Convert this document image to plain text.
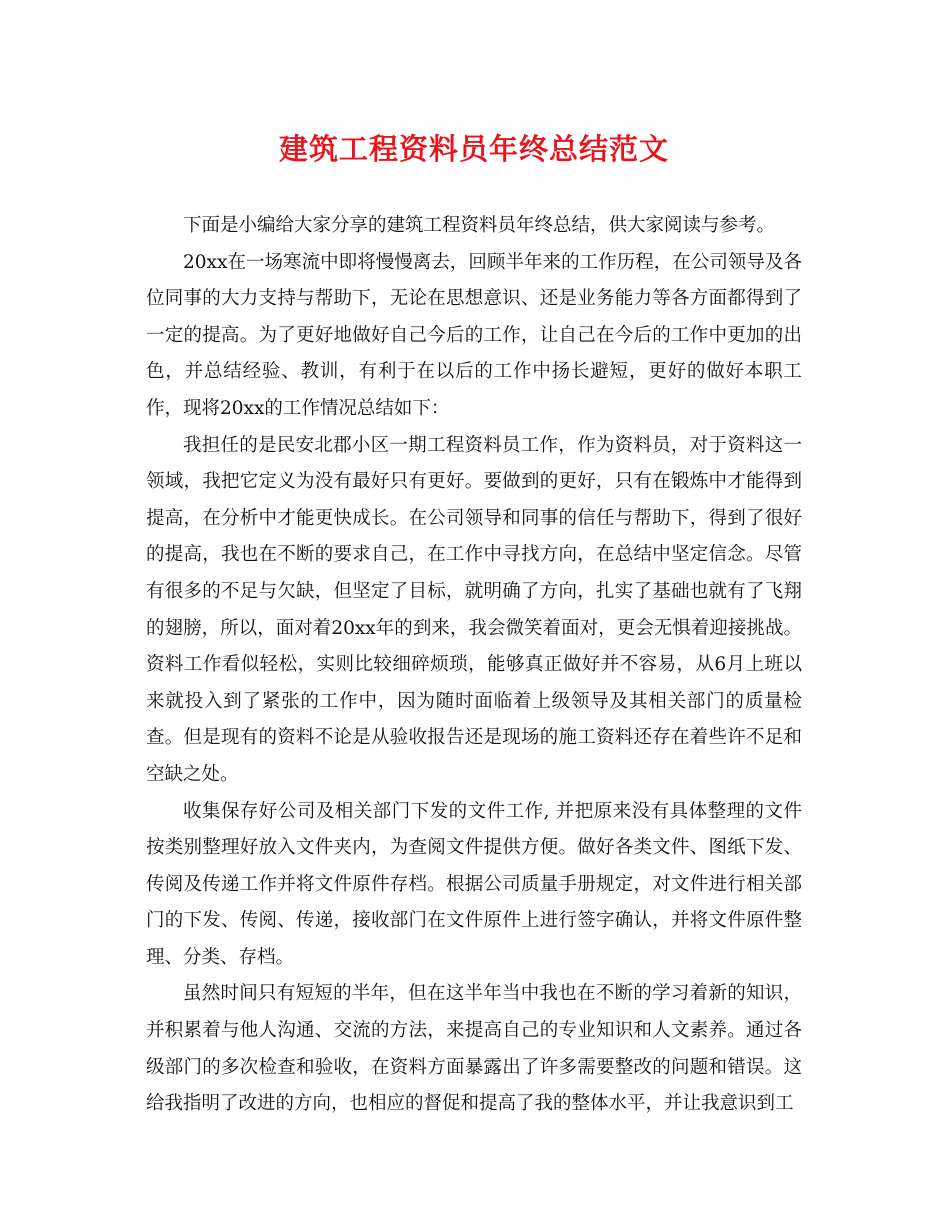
建筑工程资料员年终总结范文

下面是小编给大家分享的建筑工程资料员年终总结，供大家阅读与参考。

20xx在一场寒流中即将慢慢离去，回顾半年来的工作历程，在公司领导及各位同事的大力支持与帮助下，无论在思想意识、还是业务能力等各方面都得到了一定的提高。为了更好地做好自己今后的工作，让自己在今后的工作中更加的出色，并总结经验、教训，有利于在以后的工作中扬长避短，更好的做好本职工作，现将20xx的工作情况总结如下：

我担任的是民安北郡小区一期工程资料员工作，作为资料员，对于资料这一领域，我把它定义为没有最好只有更好。要做到的更好，只有在锻炼中才能得到提高，在分析中才能更快成长。在公司领导和同事的信任与帮助下，得到了很好的提高，我也在不断的要求自己，在工作中寻找方向，在总结中坚定信念。尽管有很多的不足与欠缺，但坚定了目标，就明确了方向，扎实了基础也就有了飞翔的翅膀，所以，面对着20xx年的到来，我会微笑着面对，更会无惧着迎接挑战。资料工作看似轻松，实则比较细碎烦琐，能够真正做好并不容易，从6月上班以来就投入到了紧张的工作中，因为随时面临着上级领导及其相关部门的质量检查。但是现有的资料不论是从验收报告还是现场的施工资料还存在着些许不足和空缺之处。

收集保存好公司及相关部门下发的文件工作, 并把原来没有具体整理的文件按类别整理好放入文件夹内，为查阅文件提供方便。做好各类文件、图纸下发、传阅及传递工作并将文件原件存档。根据公司质量手册规定，对文件进行相关部门的下发、传阅、传递，接收部门在文件原件上进行签字确认，并将文件原件整理、分类、存档。

虽然时间只有短短的半年，但在这半年当中我也在不断的学习着新的知识，并积累着与他人沟通、交流的方法，来提高自己的专业知识和人文素养。通过各级部门的多次检查和验收，在资料方面暴露出了许多需要整改的问题和错误。这给我指明了改进的方向，也相应的督促和提高了我的整体水平，并让我意识到工
